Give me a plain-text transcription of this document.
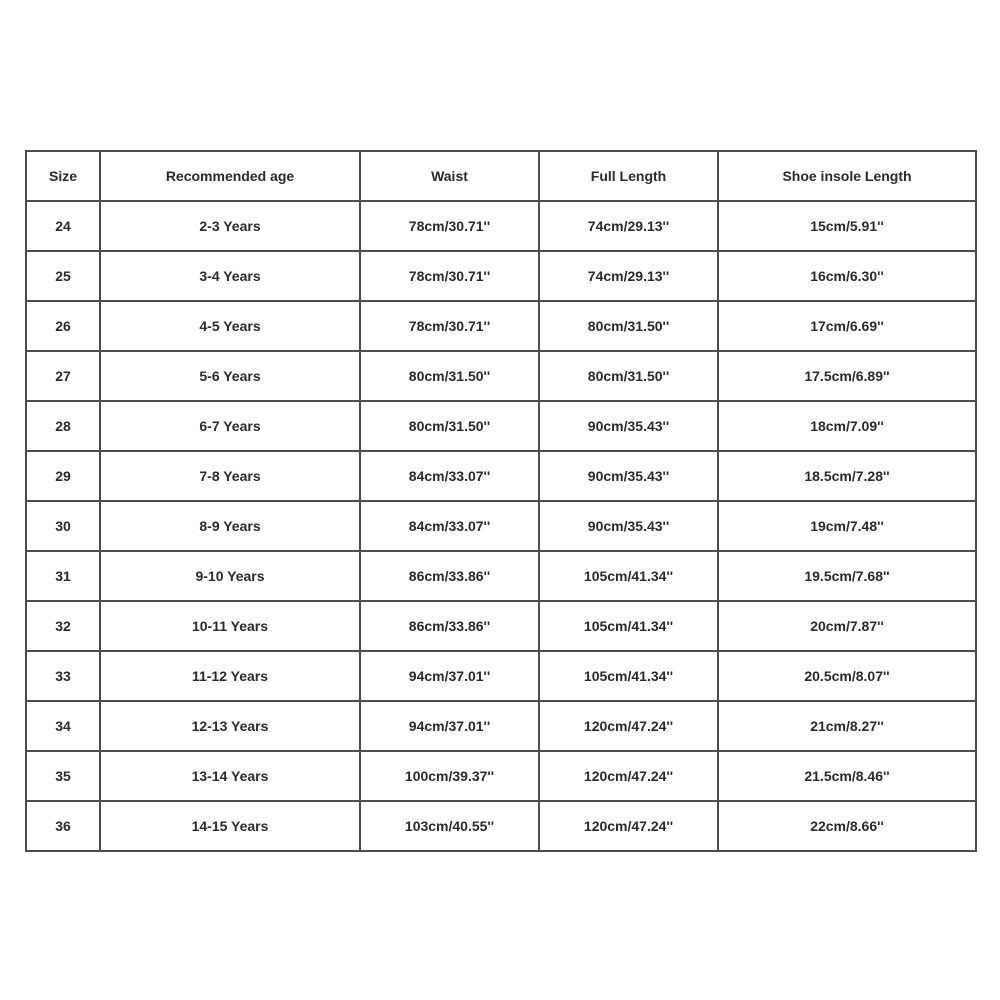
Size	Recommended age	Waist	Full Length	Shoe insole Length
24	2-3 Years	78cm/30.71''	74cm/29.13''	15cm/5.91''
25	3-4 Years	78cm/30.71''	74cm/29.13''	16cm/6.30''
26	4-5 Years	78cm/30.71''	80cm/31.50''	17cm/6.69''
27	5-6 Years	80cm/31.50''	80cm/31.50''	17.5cm/6.89''
28	6-7 Years	80cm/31.50''	90cm/35.43''	18cm/7.09''
29	7-8 Years	84cm/33.07''	90cm/35.43''	18.5cm/7.28''
30	8-9 Years	84cm/33.07''	90cm/35.43''	19cm/7.48''
31	9-10 Years	86cm/33.86''	105cm/41.34''	19.5cm/7.68''
32	10-11 Years	86cm/33.86''	105cm/41.34''	20cm/7.87''
33	11-12 Years	94cm/37.01''	105cm/41.34''	20.5cm/8.07''
34	12-13 Years	94cm/37.01''	120cm/47.24''	21cm/8.27''
35	13-14 Years	100cm/39.37''	120cm/47.24''	21.5cm/8.46''
36	14-15 Years	103cm/40.55''	120cm/47.24''	22cm/8.66''
